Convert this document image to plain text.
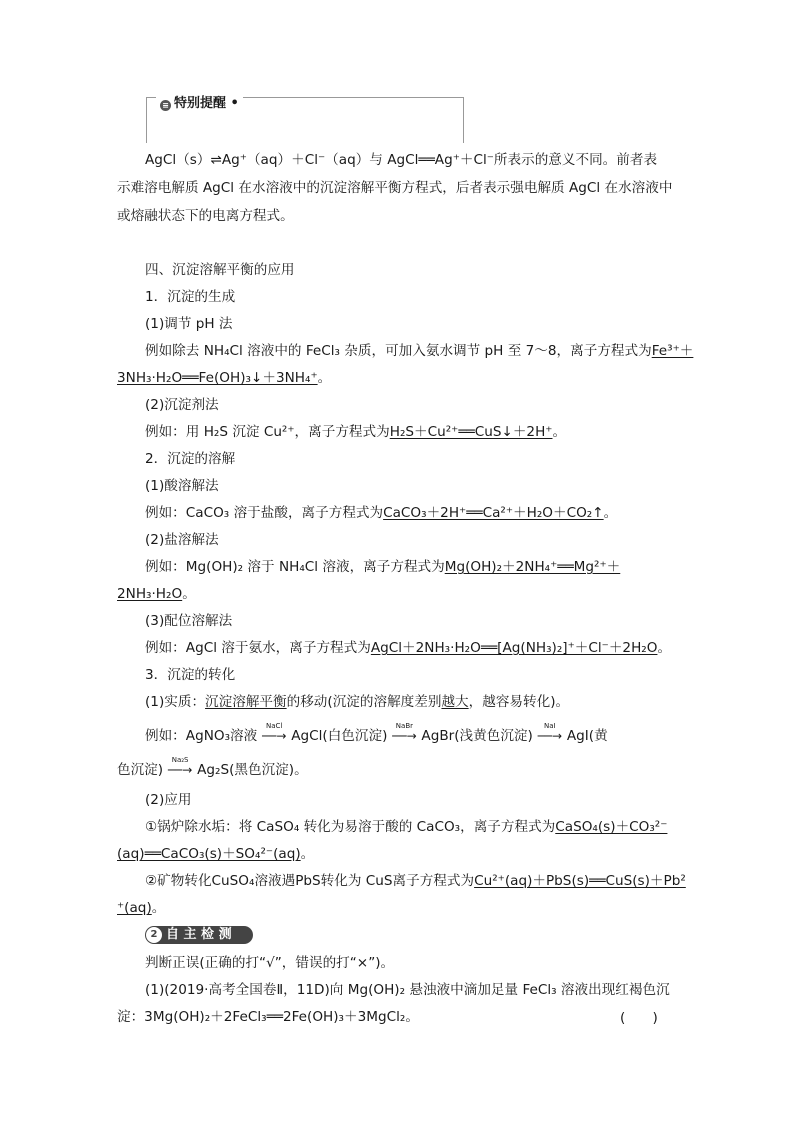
≡ 特别提醒 •
AgCl（s）⇌Ag⁺（aq）＋Cl⁻（aq）与 AgCl══Ag⁺＋Cl⁻所表示的意义不同。前者表
示难溶电解质 AgCl 在水溶液中的沉淀溶解平衡方程式，后者表示强电解质 AgCl 在水溶液中
或熔融状态下的电离方程式。
四、沉淀溶解平衡的应用
1．沉淀的生成
(1)调节 pH 法
例如除去 NH₄Cl 溶液中的 FeCl₃ 杂质，可加入氨水调节 pH 至 7～8，离子方程式为Fe³⁺＋
3NH₃·H₂O══Fe(OH)₃↓＋3NH₄⁺。
(2)沉淀剂法
例如：用 H₂S 沉淀 Cu²⁺，离子方程式为H₂S＋Cu²⁺══CuS↓＋2H⁺。
2．沉淀的溶解
(1)酸溶解法
例如：CaCO₃ 溶于盐酸，离子方程式为CaCO₃＋2H⁺══Ca²⁺＋H₂O＋CO₂↑。
(2)盐溶解法
例如：Mg(OH)₂ 溶于 NH₄Cl 溶液，离子方程式为Mg(OH)₂＋2NH₄⁺══Mg²⁺＋
2NH₃·H₂O。
(3)配位溶解法
例如：AgCl 溶于氨水，离子方程式为AgCl＋2NH₃·H₂O══[Ag(NH₃)₂]⁺＋Cl⁻＋2H₂O。
3．沉淀的转化
(1)实质：沉淀溶解平衡的移动(沉淀的溶解度差别越大，越容易转化)。
例如：AgNO₃溶液
NaCl
──→ AgCl(白色沉淀)
NaBr
──→ AgBr(浅黄色沉淀)
NaI
──→ AgI(黄
色沉淀)
Na₂S
──→ Ag₂S(黑色沉淀)。
(2)应用
①锅炉除水垢：将 CaSO₄ 转化为易溶于酸的 CaCO₃，离子方程式为CaSO₄(s)＋CO₃²⁻
(aq)══CaCO₃(s)＋SO₄²⁻(aq)。
②矿物转化CuSO₄溶液遇PbS转化为 CuS离子方程式为Cu²⁺(aq)＋PbS(s)══CuS(s)＋Pb²
⁺(aq)。
2 自 主 检 测
判断正误(正确的打“√”，错误的打“×”)。
(1)(2019·高考全国卷Ⅱ，11D)向 Mg(OH)₂ 悬浊液中滴加足量 FeCl₃ 溶液出现红褐色沉
淀：3Mg(OH)₂＋2FeCl₃══2Fe(OH)₃＋3MgCl₂。	(　　)
